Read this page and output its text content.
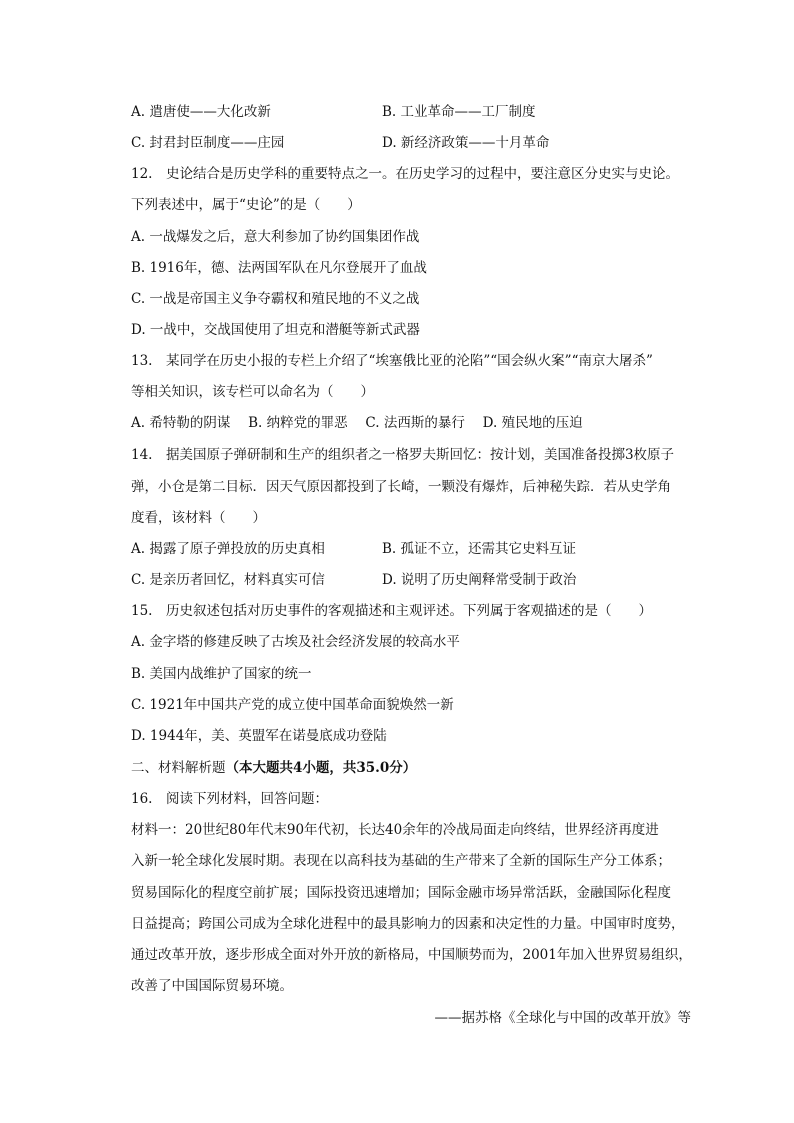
A. 遣唐使——大化改新	B. 工业革命——工厂制度
C. 封君封臣制度——庄园	D. 新经济政策——十月革命
12.　史论结合是历史学科的重要特点之一。在历史学习的过程中，要注意区分史实与史论。
下列表述中，属于“史论”的是（　　）
A. 一战爆发之后，意大利参加了协约国集团作战
B. 1916年，德、法两国军队在凡尔登展开了血战
C. 一战是帝国主义争夺霸权和殖民地的不义之战
D. 一战中，交战国使用了坦克和潜艇等新式武器
13.　某同学在历史小报的专栏上介绍了“埃塞俄比亚的沦陷”“国会纵火案”“南京大屠杀”
等相关知识，该专栏可以命名为（　　）
A. 希特勒的阴谋　 B. 纳粹党的罪恶　 C. 法西斯的暴行　 D. 殖民地的压迫
14.　据美国原子弹研制和生产的组织者之一格罗夫斯回忆：按计划，美国准备投掷3枚原子
弹，小仓是第二目标．因天气原因都投到了长崎，一颗没有爆炸，后神秘失踪．若从史学角
度看，该材料（　　）
A. 揭露了原子弹投放的历史真相	B. 孤证不立，还需其它史料互证
C. 是亲历者回忆，材料真实可信	D. 说明了历史阐释常受制于政治
15.　历史叙述包括对历史事件的客观描述和主观评述。下列属于客观描述的是（　　）
A. 金字塔的修建反映了古埃及社会经济发展的较高水平
B. 美国内战维护了国家的统一
C. 1921年中国共产党的成立使中国革命面貌焕然一新
D. 1944年，美、英盟军在诺曼底成功登陆
二、材料解析题（本大题共4小题，共35.0分）
16.　阅读下列材料，回答问题：
材料一：20世纪80年代末90年代初，长达40余年的冷战局面走向终结，世界经济再度进
入新一轮全球化发展时期。表现在以高科技为基础的生产带来了全新的国际生产分工体系；
贸易国际化的程度空前扩展；国际投资迅速增加；国际金融市场异常活跃，金融国际化程度
日益提高；跨国公司成为全球化进程中的最具影响力的因素和决定性的力量。中国审时度势，
通过改革开放，逐步形成全面对外开放的新格局，中国顺势而为，2001年加入世界贸易组织，
改善了中国国际贸易环境。
——据苏格《全球化与中国的改革开放》等
